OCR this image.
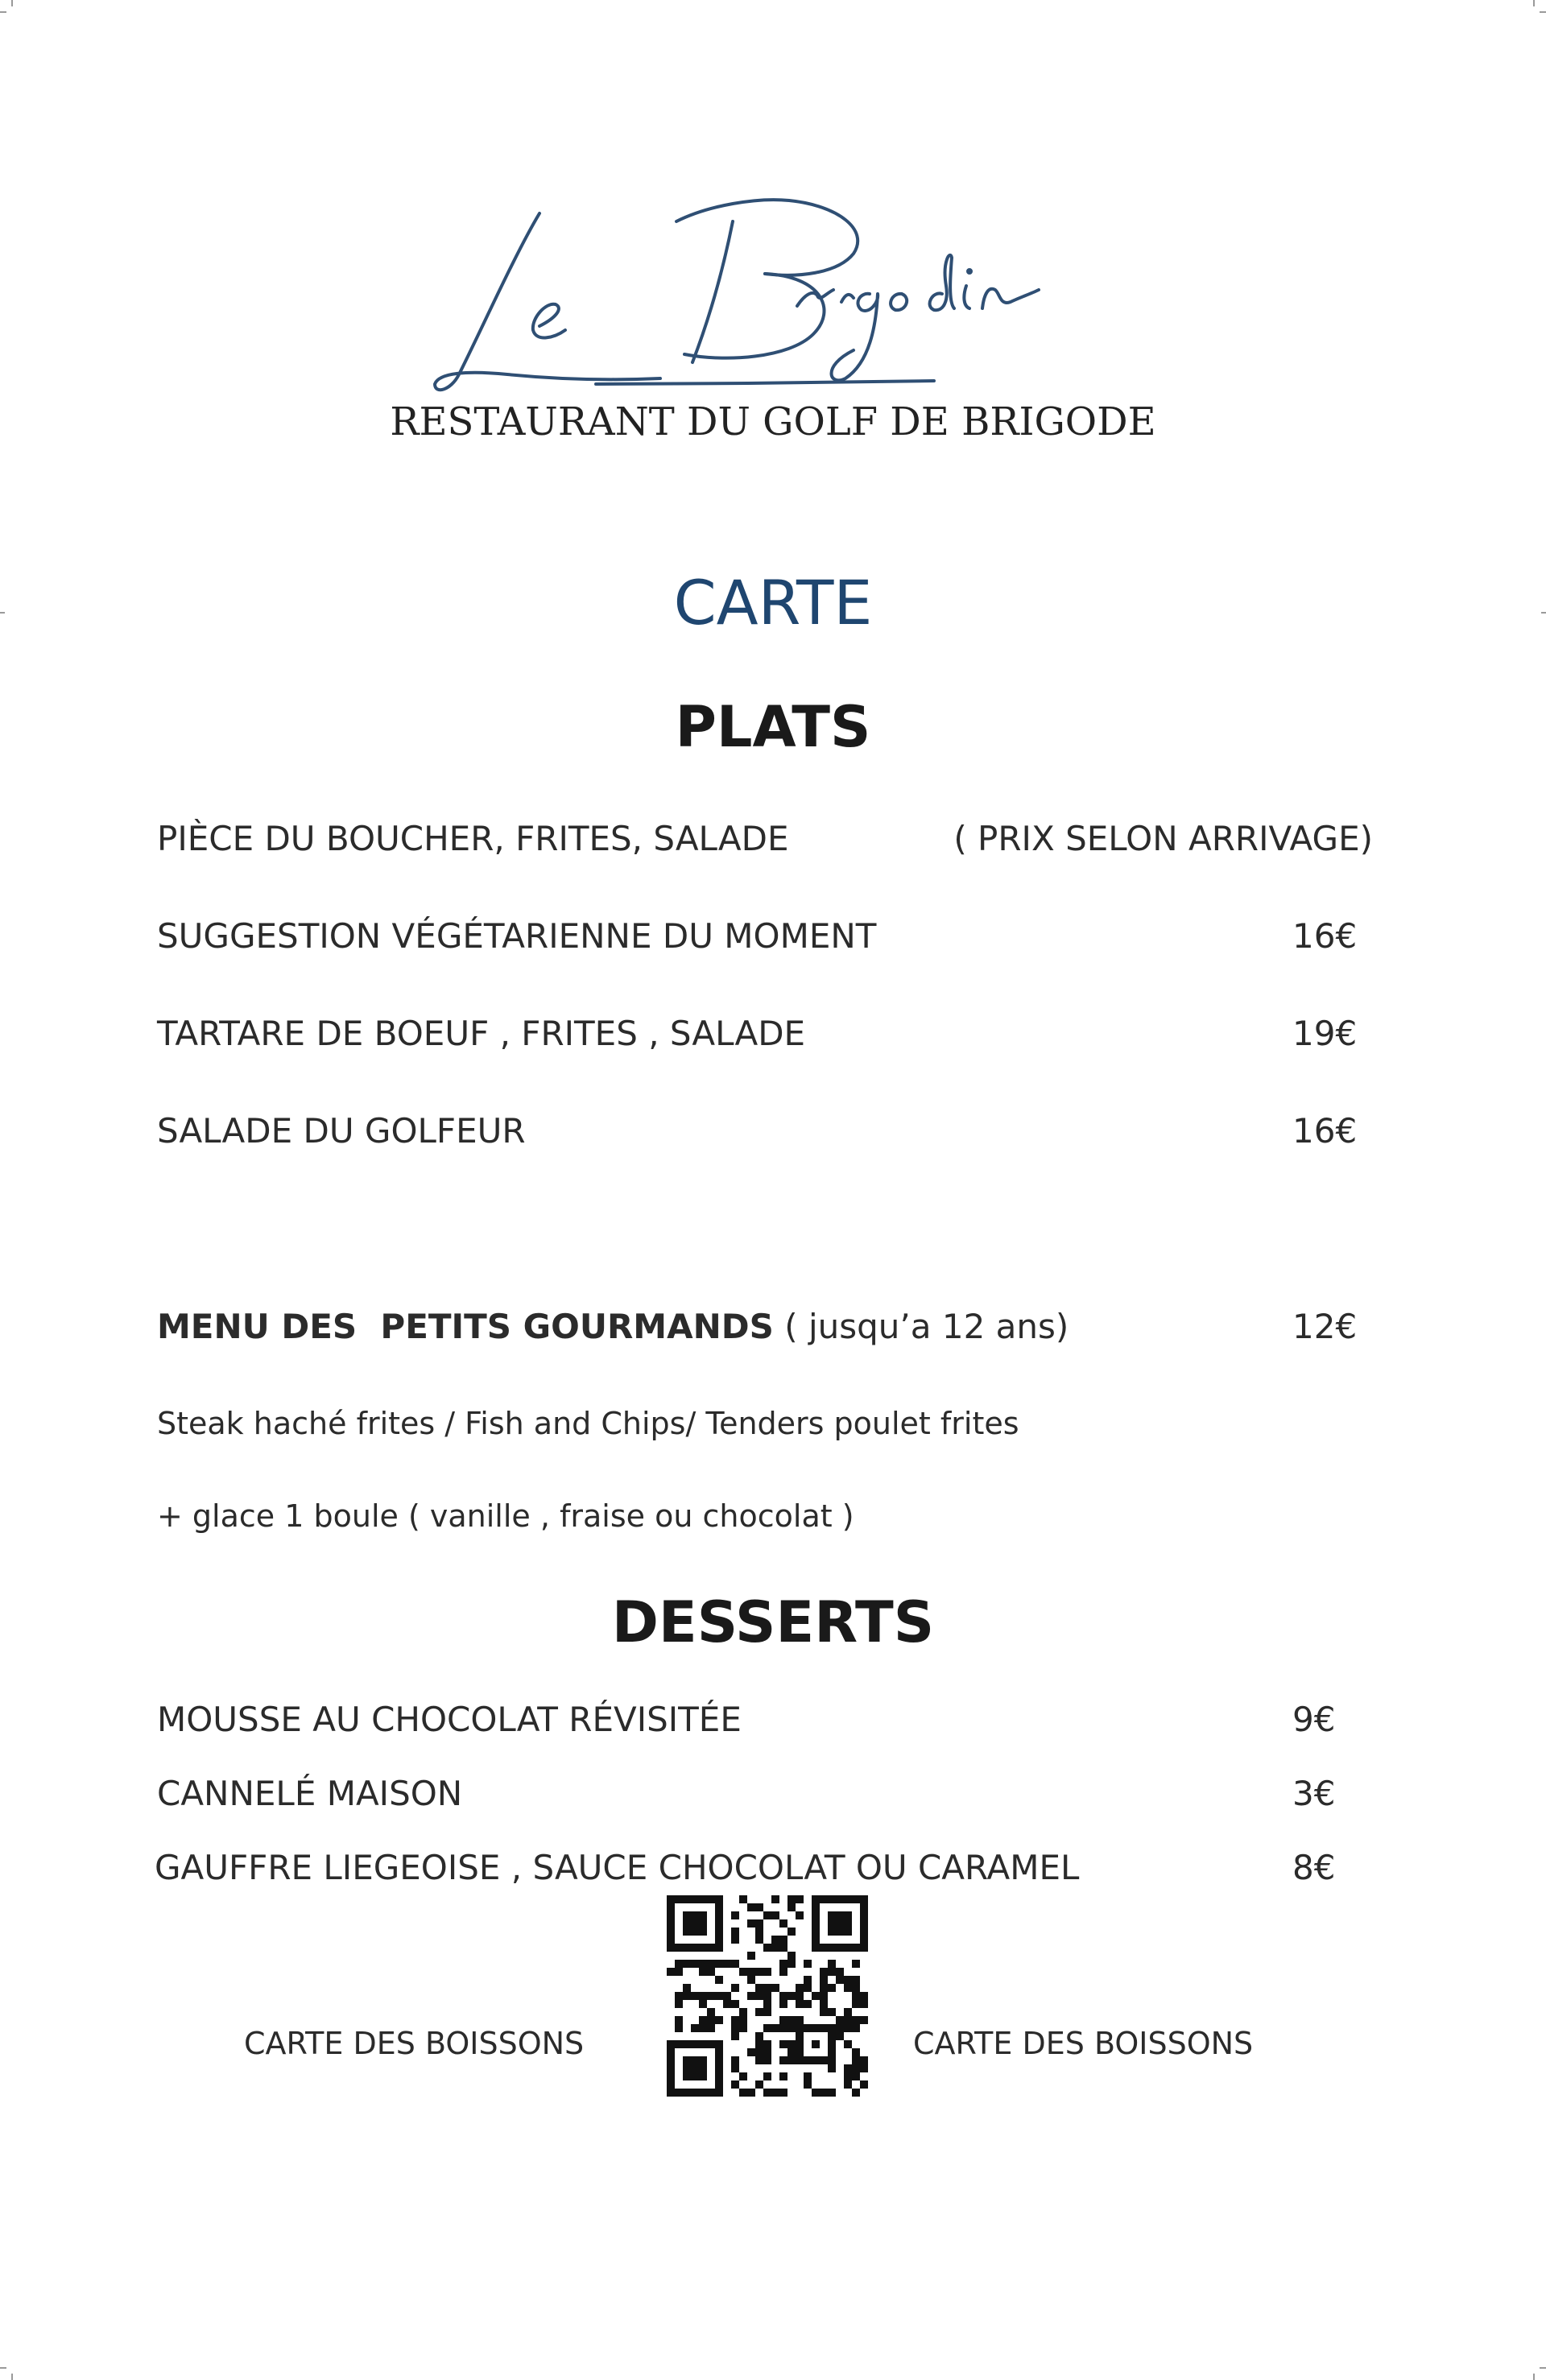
RESTAURANT DU GOLF DE BRIGODE
CARTE
PLATS
PIÈCE DU BOUCHER, FRITES, SALADE	( PRIX SELON ARRIVAGE)
SUGGESTION VÉGÉTARIENNE DU MOMENT	16€
TARTARE DE BOEUF , FRITES , SALADE	19€
SALADE DU GOLFEUR	16€
MENU DES  PETITS GOURMANDS ( jusqu’a 12 ans)	12€
Steak haché frites / Fish and Chips/ Tenders poulet frites
+ glace 1 boule ( vanille , fraise ou chocolat )
DESSERTS
MOUSSE AU CHOCOLAT RÉVISITÉE	9€
CANNELÉ MAISON	3€
GAUFFRE LIEGEOISE , SAUCE CHOCOLAT OU CARAMEL	8€
CARTE DES BOISSONS	CARTE DES BOISSONS
